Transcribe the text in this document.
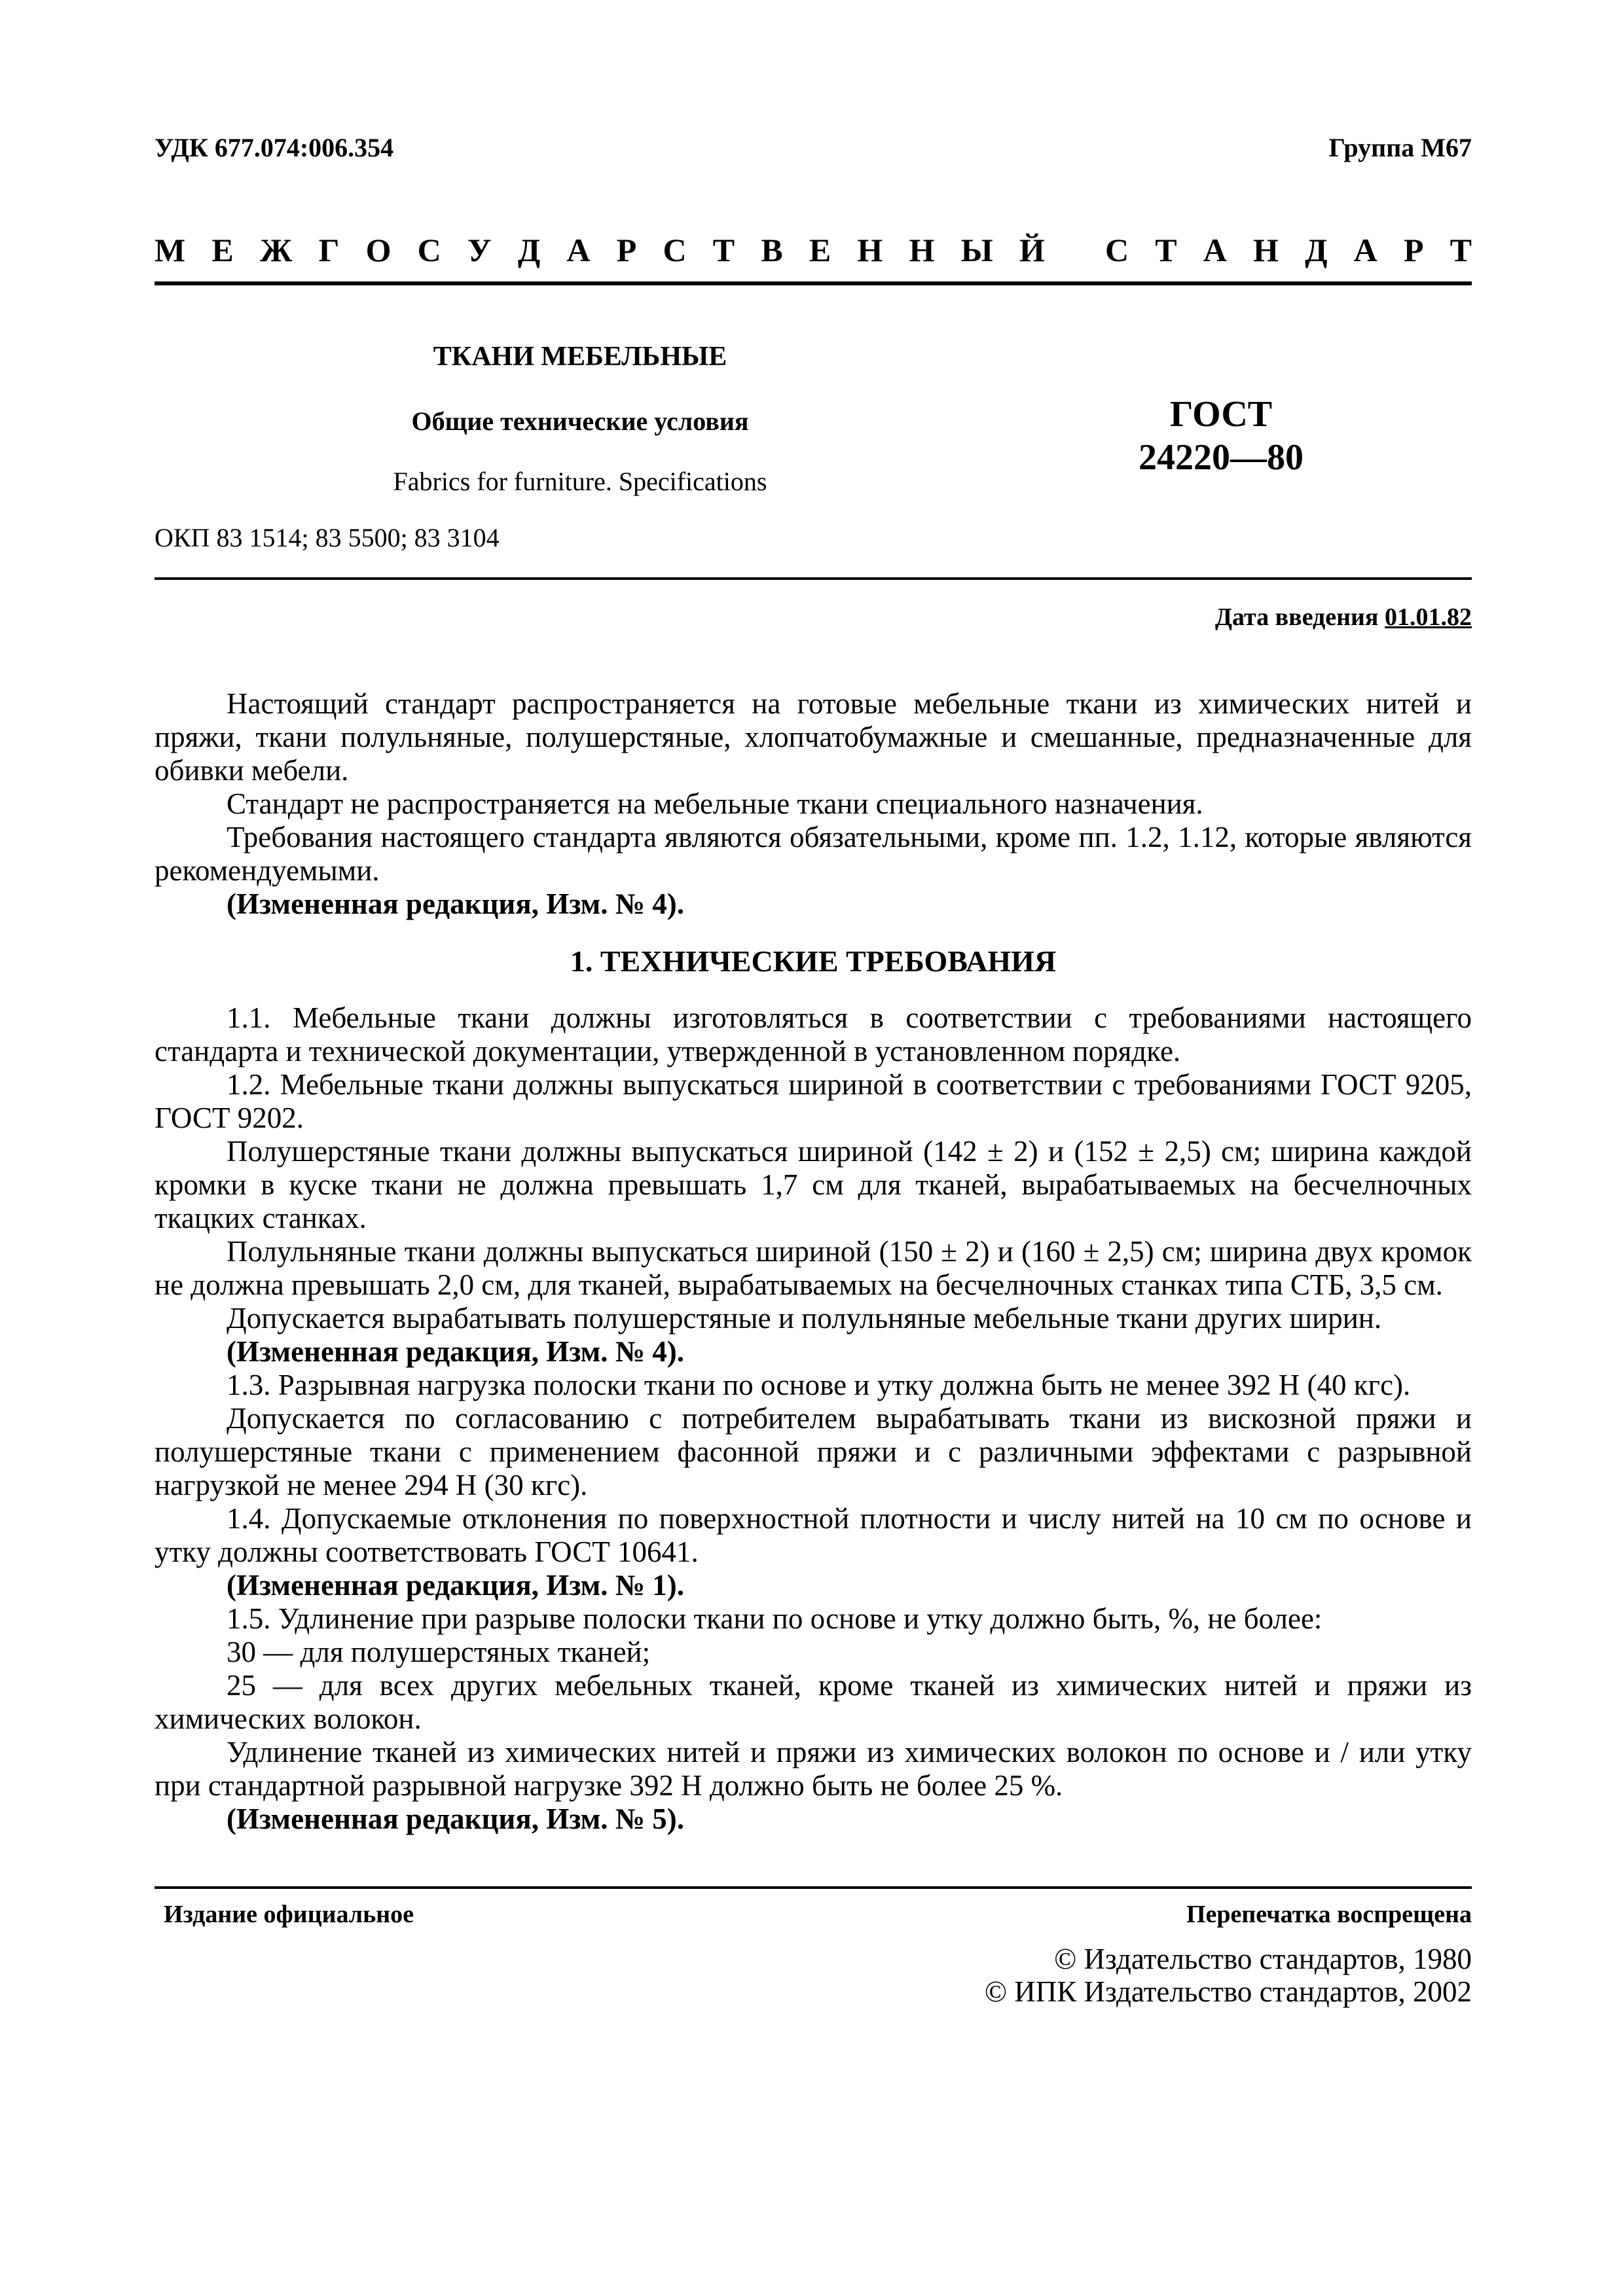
УДК 677.074:006.354	Группа М67
М Е Ж Г О С У Д А Р С Т В Е Н Н Ы Й С Т А Н Д А Р Т
ТКАНИ МЕБЕЛЬНЫЕ
Общие технические условия
Fabrics for furniture. Specifications
ГОСТ
24220—80
ОКП 83 1514; 83 5500; 83 3104
Дата введения 01.01.82

Настоящий стандарт распространяется на готовые мебельные ткани из химических нитей и пряжи, ткани полульняные, полушерстяные, хлопчатобумажные и смешанные, предназначенные для обивки мебели.

Стандарт не распространяется на мебельные ткани специального назначения.

Требования настоящего стандарта являются обязательными, кроме пп. 1.2, 1.12, которые являются рекомендуемыми.

(Измененная редакция, Изм. № 4).

1. ТЕХНИЧЕСКИЕ ТРЕБОВАНИЯ

1.1. Мебельные ткани должны изготовляться в соответствии с требованиями настоящего стандарта и технической документации, утвержденной в установленном порядке.

1.2. Мебельные ткани должны выпускаться шириной в соответствии с требованиями ГОСТ 9205, ГОСТ 9202.

Полушерстяные ткани должны выпускаться шириной (142 ± 2) и (152 ± 2,5) см; ширина каждой кромки в куске ткани не должна превышать 1,7 см для тканей, вырабатываемых на бесчелночных ткацких станках.

Полульняные ткани должны выпускаться шириной (150 ± 2) и (160 ± 2,5) см; ширина двух кромок не должна превышать 2,0 см, для тканей, вырабатываемых на бесчелночных станках типа СТБ, 3,5 см.

Допускается вырабатывать полушерстяные и полульняные мебельные ткани других ширин.

(Измененная редакция, Изм. № 4).

1.3. Разрывная нагрузка полоски ткани по основе и утку должна быть не менее 392 Н (40 кгс).

Допускается по согласованию с потребителем вырабатывать ткани из вискозной пряжи и полушерстяные ткани с применением фасонной пряжи и с различными эффектами с разрывной нагрузкой не менее 294 Н (30 кгс).

1.4. Допускаемые отклонения по поверхностной плотности и числу нитей на 10 см по основе и утку должны соответствовать ГОСТ 10641.

(Измененная редакция, Изм. № 1).

1.5. Удлинение при разрыве полоски ткани по основе и утку должно быть, %, не более:

30 — для полушерстяных тканей;

25 — для всех других мебельных тканей, кроме тканей из химических нитей и пряжи из химических волокон.

Удлинение тканей из химических нитей и пряжи из химических волокон по основе и / или утку при стандартной разрывной нагрузке 392 Н должно быть не более 25 %.

(Измененная редакция, Изм. № 5).

Издание официальное	Перепечатка воспрещена
© Издательство стандартов, 1980
© ИПК Издательство стандартов, 2002
